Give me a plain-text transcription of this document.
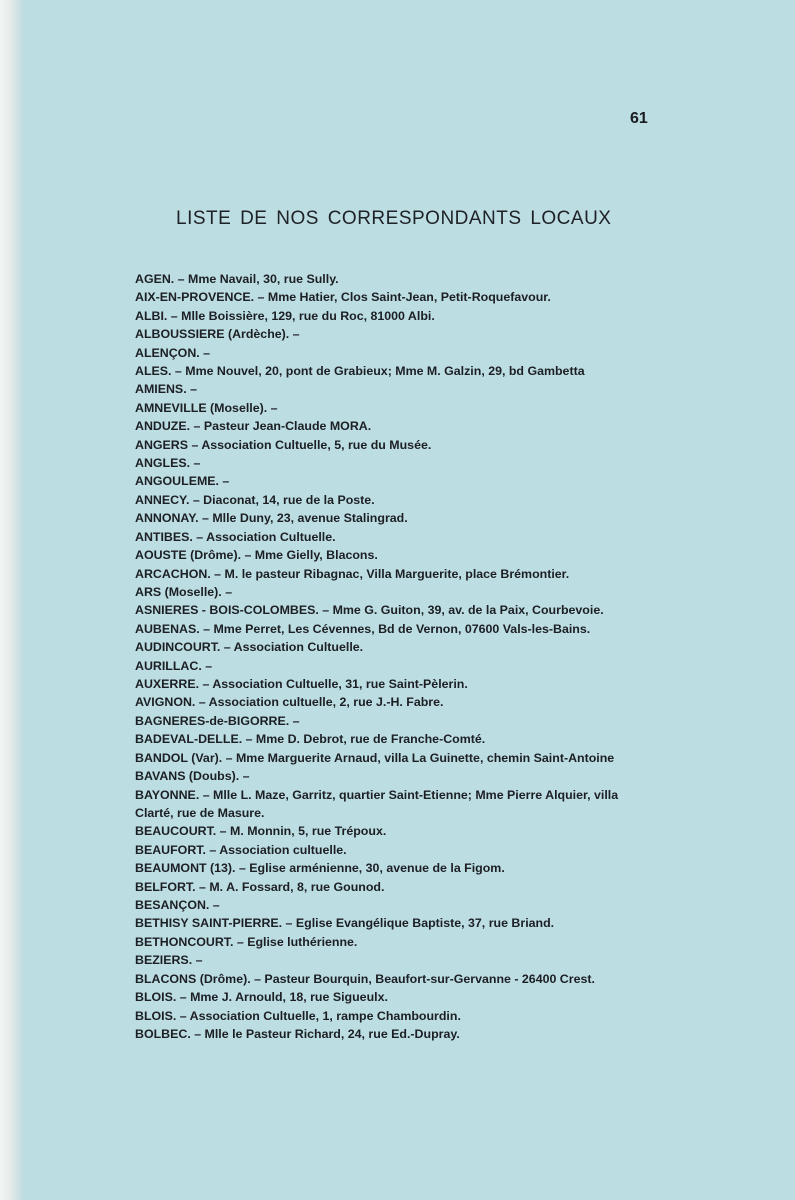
61
LISTE DE NOS CORRESPONDANTS LOCAUX
AGEN. – Mme Navail, 30, rue Sully.
AIX-EN-PROVENCE. – Mme Hatier, Clos Saint-Jean, Petit-Roquefavour.
ALBI. – Mlle Boissière, 129, rue du Roc, 81000 Albi.
ALBOUSSIERE (Ardèche). –
ALENÇON. –
ALES. – Mme Nouvel, 20, pont de Grabieux; Mme M. Galzin, 29, bd Gambetta
AMIENS. –
AMNEVILLE (Moselle). –
ANDUZE. – Pasteur Jean-Claude MORA.
ANGERS – Association Cultuelle, 5, rue du Musée.
ANGLES. –
ANGOULEME. –
ANNECY. – Diaconat, 14, rue de la Poste.
ANNONAY. – Mlle Duny, 23, avenue Stalingrad.
ANTIBES. – Association Cultuelle.
AOUSTE (Drôme). – Mme Gielly, Blacons.
ARCACHON. – M. le pasteur Ribagnac, Villa Marguerite, place Brémontier.
ARS (Moselle). –
ASNIERES - BOIS-COLOMBES. – Mme G. Guiton, 39, av. de la Paix, Courbevoie.
AUBENAS. – Mme Perret, Les Cévennes, Bd de Vernon, 07600 Vals-les-Bains.
AUDINCOURT. – Association Cultuelle.
AURILLAC. –
AUXERRE. – Association Cultuelle, 31, rue Saint-Pèlerin.
AVIGNON. – Association cultuelle, 2, rue J.-H. Fabre.
BAGNERES-de-BIGORRE. –
BADEVAL-DELLE. – Mme D. Debrot, rue de Franche-Comté.
BANDOL (Var). – Mme Marguerite Arnaud, villa La Guinette, chemin Saint-Antoine
BAVANS (Doubs). –
BAYONNE. – Mlle L. Maze, Garritz, quartier Saint-Etienne; Mme Pierre Alquier, villa Clarté, rue de Masure.
BEAUCOURT. – M. Monnin, 5, rue Trépoux.
BEAUFORT. – Association cultuelle.
BEAUMONT (13). – Eglise arménienne, 30, avenue de la Figom.
BELFORT. – M. A. Fossard, 8, rue Gounod.
BESANÇON. –
BETHISY SAINT-PIERRE. – Eglise Evangélique Baptiste, 37, rue Briand.
BETHONCOURT. – Eglise luthérienne.
BEZIERS. –
BLACONS (Drôme). – Pasteur Bourquin, Beaufort-sur-Gervanne - 26400 Crest.
BLOIS. – Mme J. Arnould, 18, rue Sigueulx.
BLOIS. – Association Cultuelle, 1, rampe Chambourdin.
BOLBEC. – Mlle le Pasteur Richard, 24, rue Ed.-Dupray.
